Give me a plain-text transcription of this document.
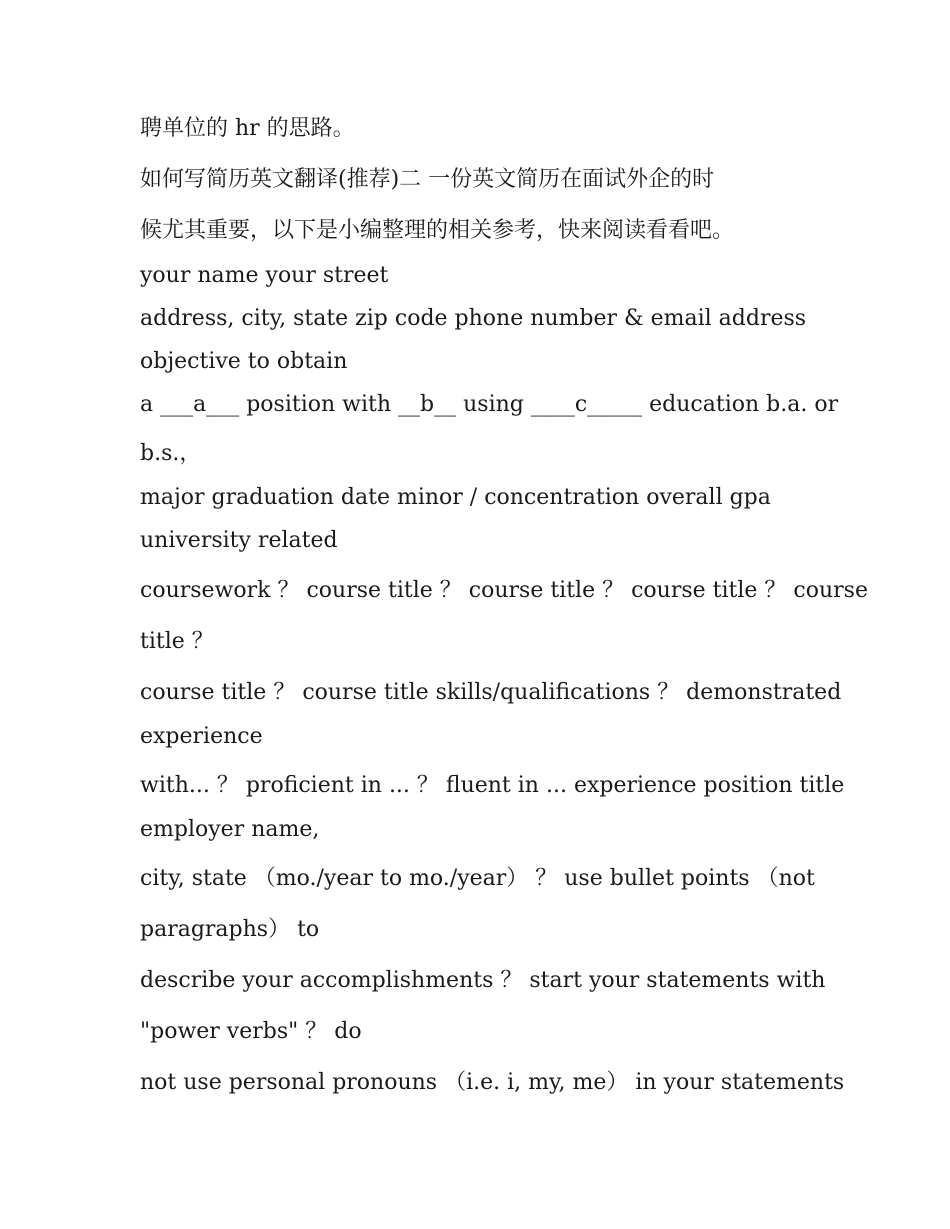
聘单位的 hr 的思路。

如何写简历英文翻译(推荐)二 一份英文简历在面试外企的时

候尤其重要，以下是小编整理的相关参考，快来阅读看看吧。

your name your street

address, city, state zip code phone number & email address

objective to obtain

a ___a___ position with __b__ using ____c_____ education b.a. or

b.s.，

major graduation date minor / concentration overall gpa

university related

coursework ？ course title ？ course title ？ course title ？ course

title ？

course title ？ course title skills/qualifications ？ demonstrated

experience

with... ？ proficient in ... ？ fluent in ... experience position title

employer name,

city, state （mo./year to mo./year） ？ use bullet points （not

paragraphs） to

describe your accomplishments ？ start your statements with

"power verbs" ？ do

not use personal pronouns （i.e. i, my, me） in your statements
